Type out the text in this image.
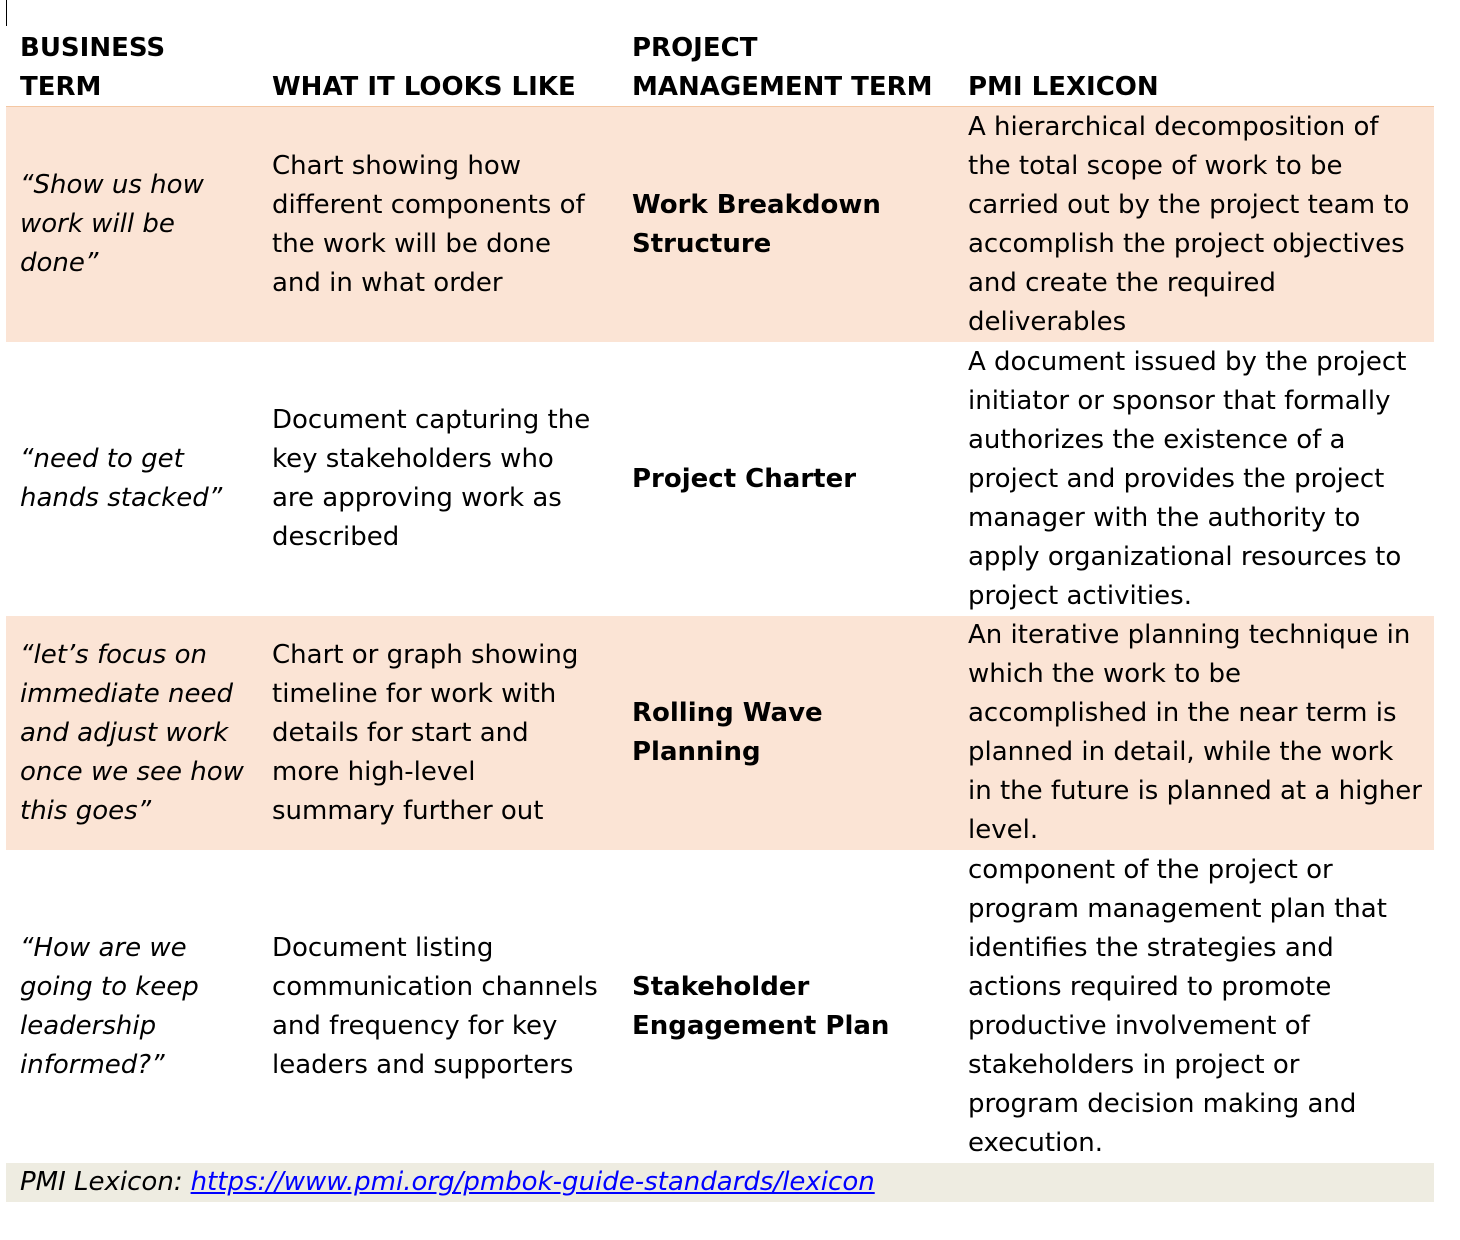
BUSINESS TERM	WHAT IT LOOKS LIKE
PROJECT
MANAGEMENT TERM	PMI LEXICON
“Show us how
work will be
done”
Chart showing how
different components of
the work will be done
and in what order
Work Breakdown
Structure
A hierarchical decomposition of
the total scope of work to be
carried out by the project team to
accomplish the project objectives
and create the required
deliverables
“need to get
hands stacked”
Document capturing the
key stakeholders who
are approving work as
described
Project Charter
A document issued by the project
initiator or sponsor that formally
authorizes the existence of a
project and provides the project
manager with the authority to
apply organizational resources to
project activities.
“let’s focus on
immediate need
and adjust work
once we see how
this goes”
Chart or graph showing
timeline for work with
details for start and
more high-level
summary further out
Rolling Wave Planning
An iterative planning technique in
which the work to be
accomplished in the near term is
planned in detail, while the work
in the future is planned at a higher
level.
“How are we
going to keep
leadership
informed?”
Document listing
communication channels
and frequency for key
leaders and supporters
Stakeholder
Engagement Plan
component of the project or
program management plan that
identifies the strategies and
actions required to promote
productive involvement of
stakeholders in project or
program decision making and
execution.
PMI Lexicon: https://www.pmi.org/pmbok-guide-standards/lexicon
